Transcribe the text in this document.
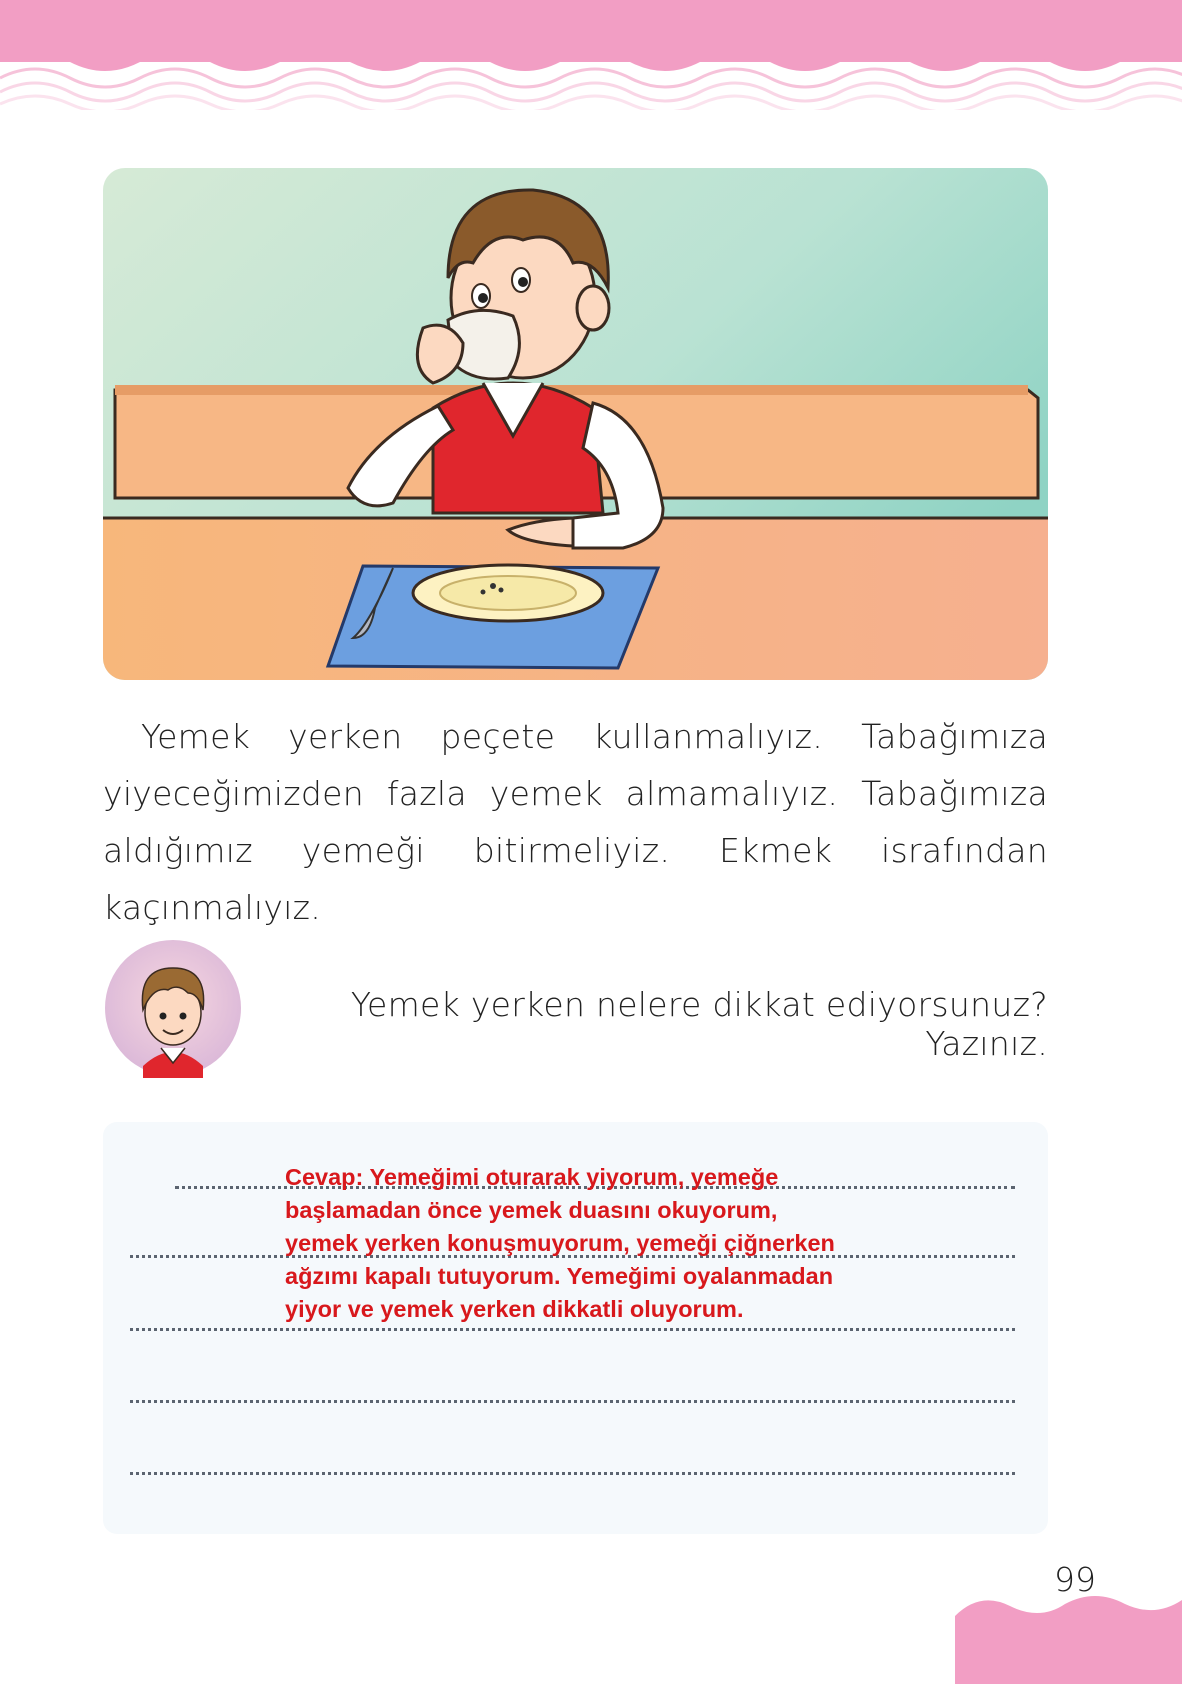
Yemek yerken peçete kullanmalıyız. Tabağımıza yiyeceğimizden fazla yemek almamalıyız. Tabağımıza aldığımız yemeği bitirmeliyiz. Ekmek israfından kaçınmalıyız.
Yemek yerken nelere dikkat ediyorsunuz? Yazınız.
Cevap: Yemeğimi oturarak yiyorum, yemeğe
başlamadan önce yemek duasını okuyorum,
yemek yerken konuşmuyorum, yemeği çiğnerken
ağzımı kapalı tutuyorum. Yemeğimi oyalanmadan
yiyor ve yemek yerken dikkatli oluyorum.
99
